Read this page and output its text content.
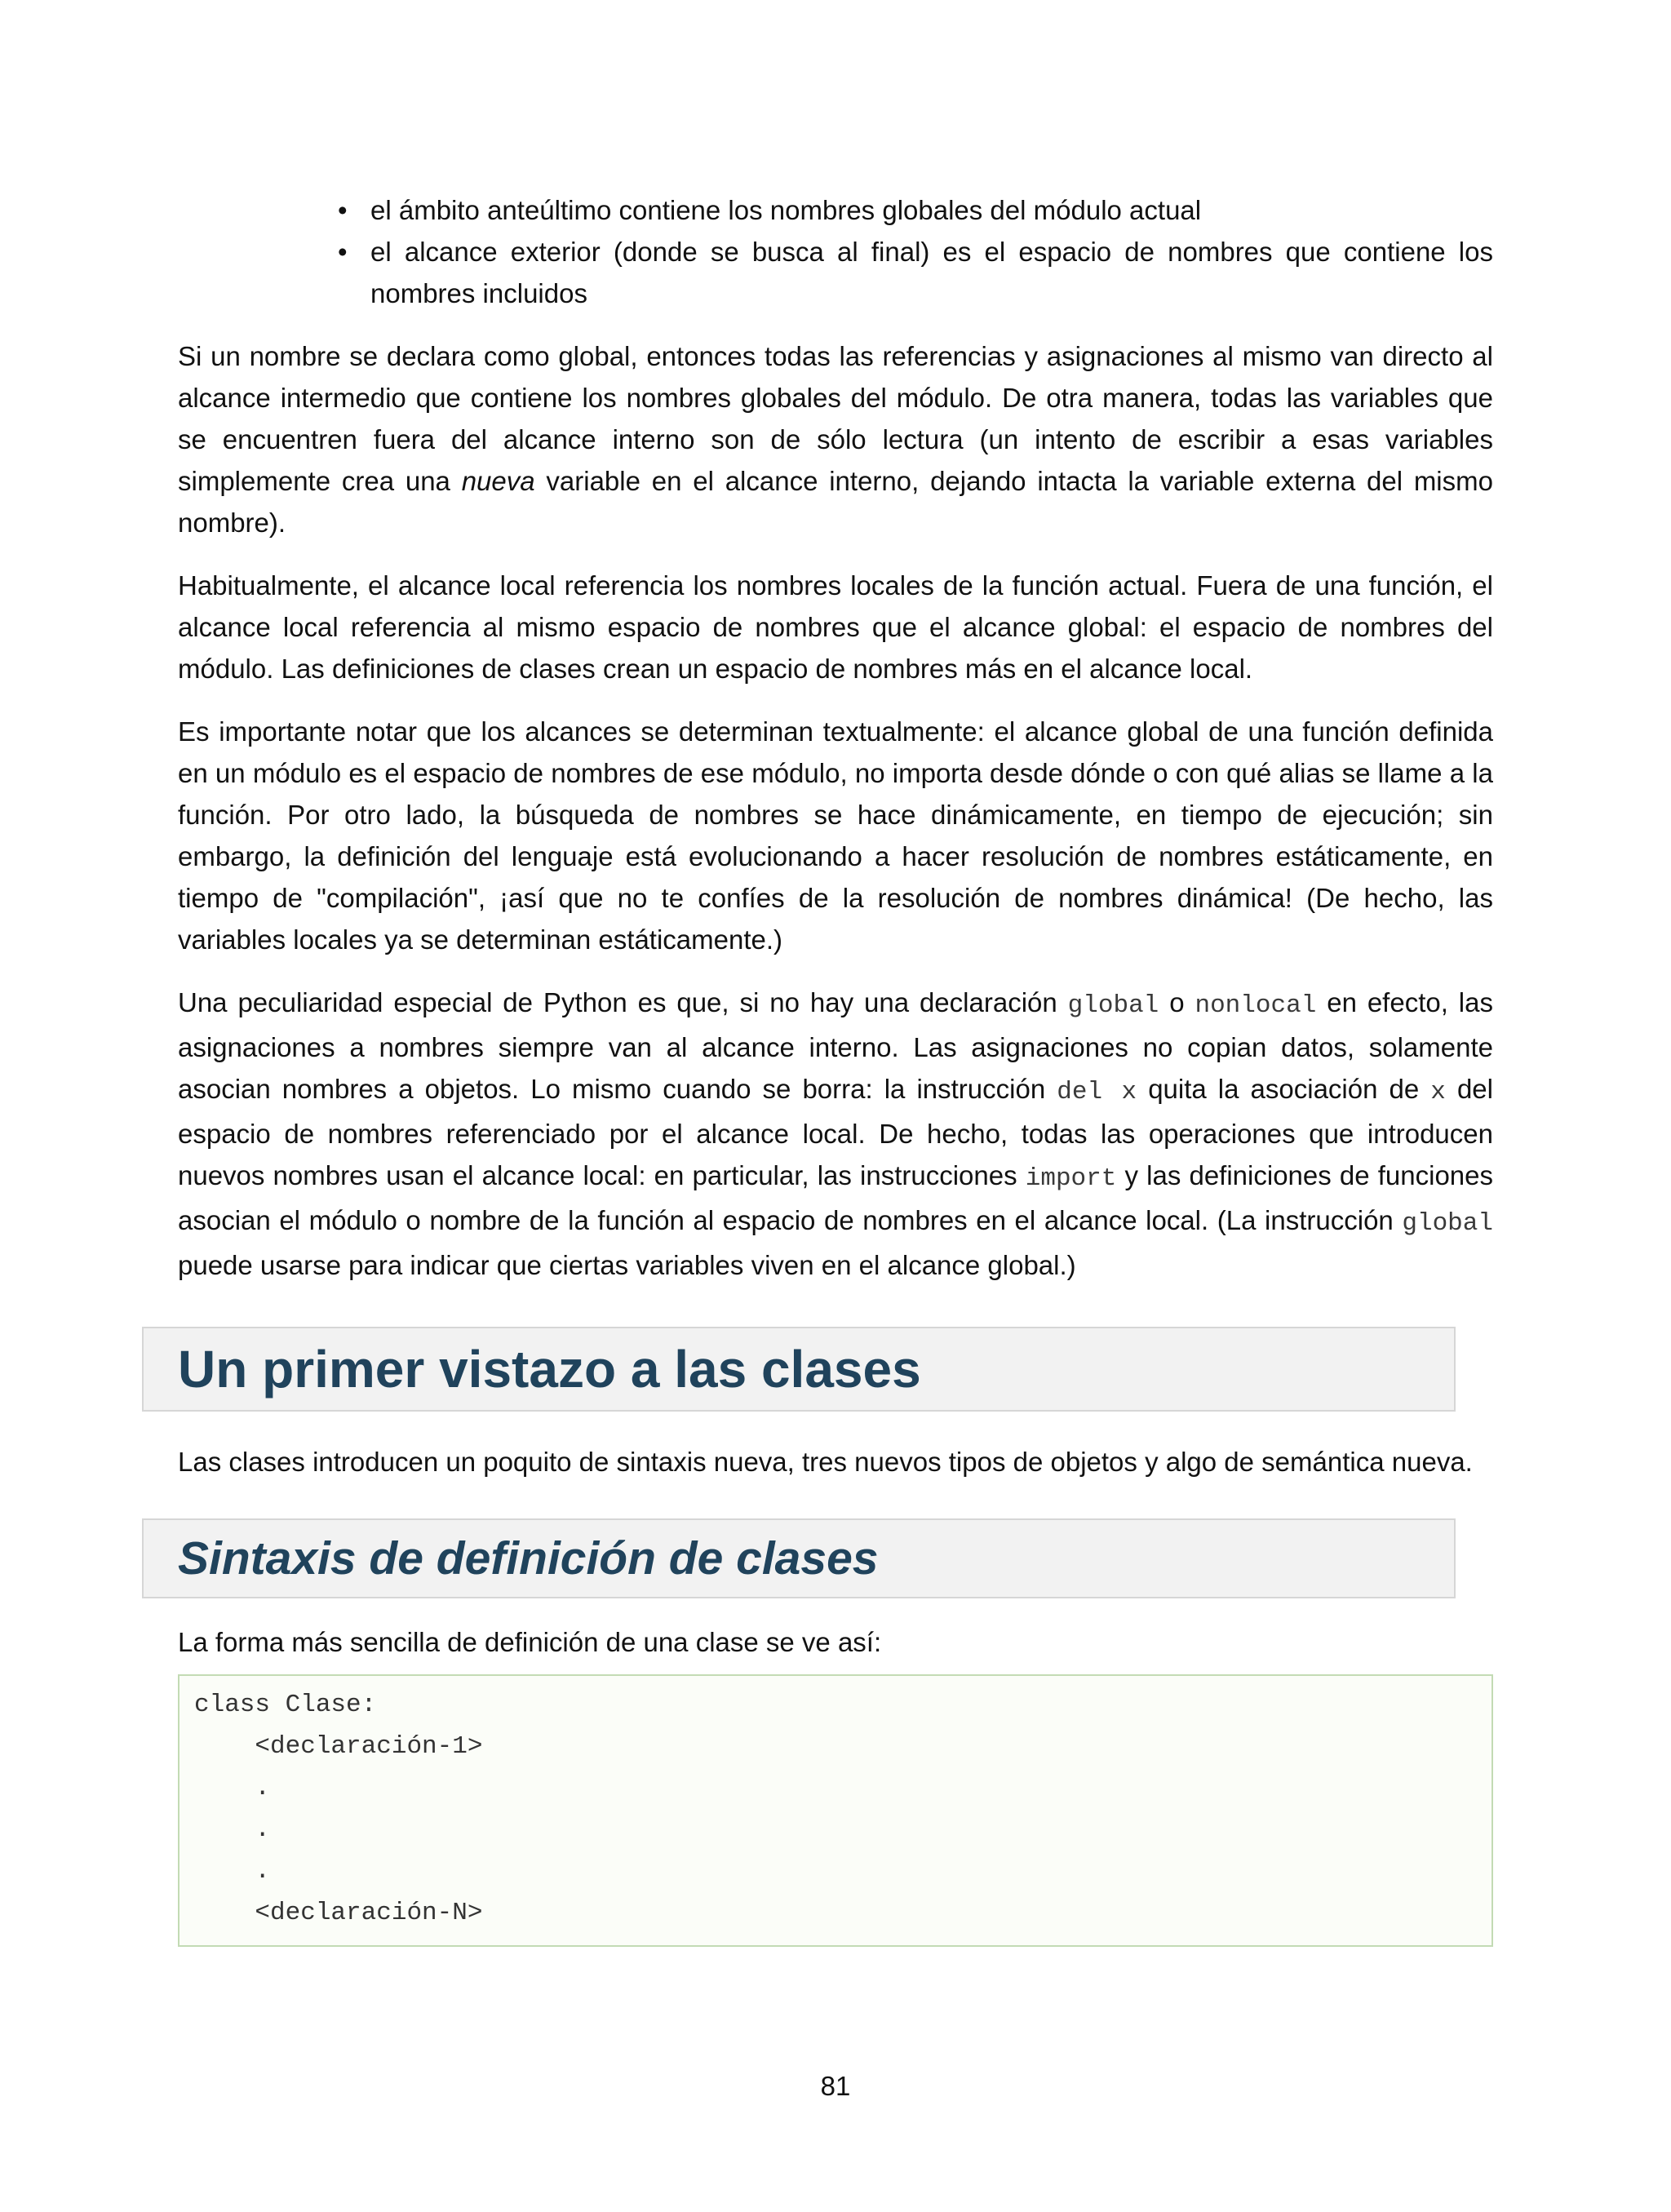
• el ámbito anteúltimo contiene los nombres globales del módulo actual
• el alcance exterior (donde se busca al final) es el espacio de nombres que contiene los nombres incluidos

Si un nombre se declara como global, entonces todas las referencias y asignaciones al mismo van directo al alcance intermedio que contiene los nombres globales del módulo. De otra manera, todas las variables que se encuentren fuera del alcance interno son de sólo lectura (un intento de escribir a esas variables simplemente crea una nueva variable en el alcance interno, dejando intacta la variable externa del mismo nombre).

Habitualmente, el alcance local referencia los nombres locales de la función actual. Fuera de una función, el alcance local referencia al mismo espacio de nombres que el alcance global: el espacio de nombres del módulo. Las definiciones de clases crean un espacio de nombres más en el alcance local.

Es importante notar que los alcances se determinan textualmente: el alcance global de una función definida en un módulo es el espacio de nombres de ese módulo, no importa desde dónde o con qué alias se llame a la función. Por otro lado, la búsqueda de nombres se hace dinámicamente, en tiempo de ejecución; sin embargo, la definición del lenguaje está evolucionando a hacer resolución de nombres estáticamente, en tiempo de "compilación", ¡así que no te confíes de la resolución de nombres dinámica! (De hecho, las variables locales ya se determinan estáticamente.)

Una peculiaridad especial de Python es que, si no hay una declaración global o nonlocal en efecto, las asignaciones a nombres siempre van al alcance interno. Las asignaciones no copian datos, solamente asocian nombres a objetos. Lo mismo cuando se borra: la instrucción del x quita la asociación de x del espacio de nombres referenciado por el alcance local. De hecho, todas las operaciones que introducen nuevos nombres usan el alcance local: en particular, las instrucciones import y las definiciones de funciones asocian el módulo o nombre de la función al espacio de nombres en el alcance local. (La instrucción global puede usarse para indicar que ciertas variables viven en el alcance global.)

Un primer vistazo a las clases

Las clases introducen un poquito de sintaxis nueva, tres nuevos tipos de objetos y algo de semántica nueva.

Sintaxis de definición de clases

La forma más sencilla de definición de una clase se ve así:

class Clase:
<declaración-1>
.
.
.
<declaración-N>
81
